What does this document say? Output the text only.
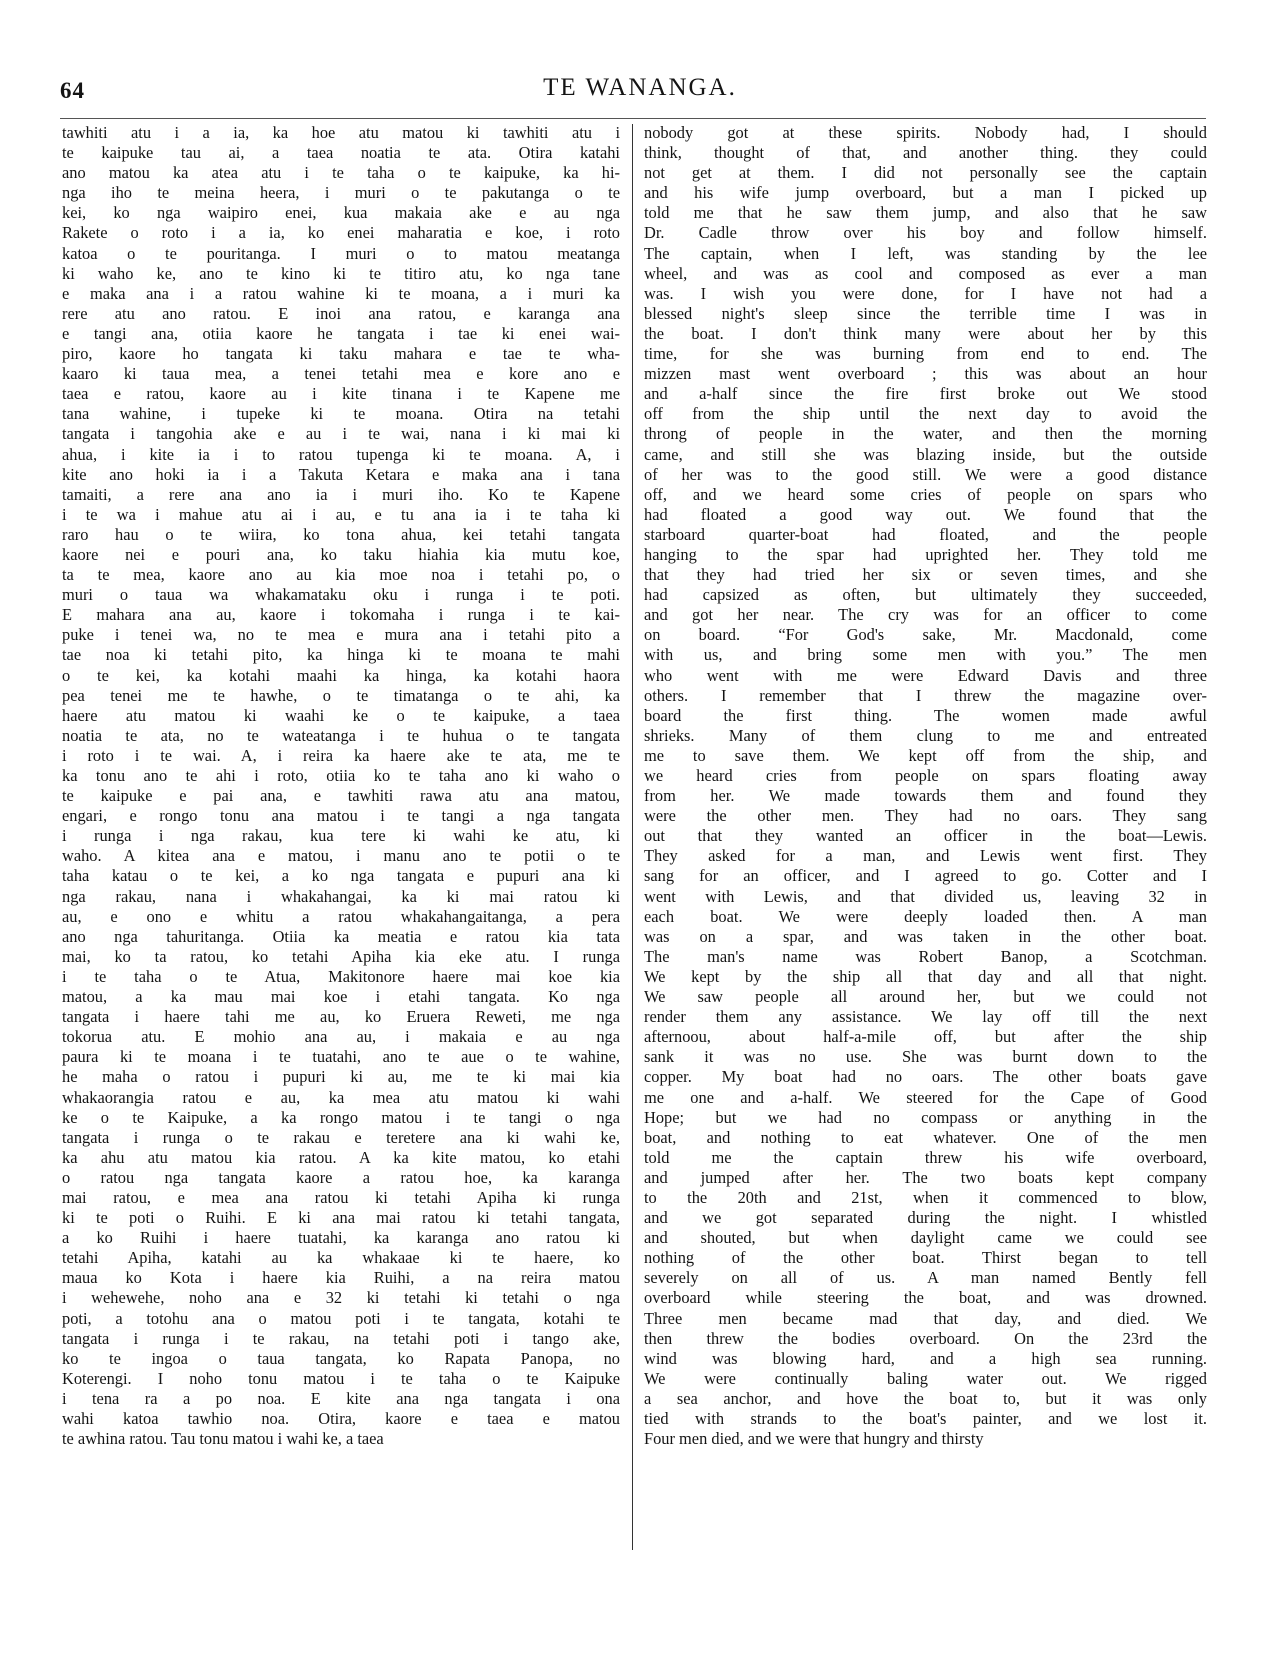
64	TE WANANGA.
tawhiti atu i a ia, ka hoe atu matou ki tawhiti atu i
te kaipuke tau ai, a taea noatia te ata. Otira katahi
ano matou ka atea atu i te taha o te kaipuke, ka hi-
nga iho te meina heera, i muri o te pakutanga o te
kei, ko nga waipiro enei, kua makaia ake e au nga
Rakete o roto i a ia, ko enei maharatia e koe, i roto
katoa o te pouritanga. I muri o to matou meatanga
ki waho ke, ano te kino ki te titiro atu, ko nga tane
e maka ana i a ratou wahine ki te moana, a i muri ka
rere atu ano ratou. E inoi ana ratou, e karanga ana
e tangi ana, otiia kaore he tangata i tae ki enei wai-
piro, kaore ho tangata ki taku mahara e tae te wha-
kaaro ki taua mea, a tenei tetahi mea e kore ano e
taea e ratou, kaore au i kite tinana i te Kapene me
tana wahine, i tupeke ki te moana. Otira na tetahi
tangata i tangohia ake e au i te wai, nana i ki mai ki
ahua, i kite ia i to ratou tupenga ki te moana. A, i
kite ano hoki ia i a Takuta Ketara e maka ana i tana
tamaiti, a rere ana ano ia i muri iho. Ko te Kapene
i te wa i mahue atu ai i au, e tu ana ia i te taha ki
raro hau o te wiira, ko tona ahua, kei tetahi tangata
kaore nei e pouri ana, ko taku hiahia kia mutu koe,
ta te mea, kaore ano au kia moe noa i tetahi po, o
muri o taua wa whakamataku oku i runga i te poti.
E mahara ana au, kaore i tokomaha i runga i te kai-
puke i tenei wa, no te mea e mura ana i tetahi pito a
tae noa ki tetahi pito, ka hinga ki te moana te mahi
o te kei, ka kotahi maahi ka hinga, ka kotahi haora
pea tenei me te hawhe, o te timatanga o te ahi, ka
haere atu matou ki waahi ke o te kaipuke, a taea
noatia te ata, no te wateatanga i te huhua o te tangata
i roto i te wai. A, i reira ka haere ake te ata, me te
ka tonu ano te ahi i roto, otiia ko te taha ano ki waho o
te kaipuke e pai ana, e tawhiti rawa atu ana matou,
engari, e rongo tonu ana matou i te tangi a nga tangata
i runga i nga rakau, kua tere ki wahi ke atu, ki
waho. A kitea ana e matou, i manu ano te potii o te
taha katau o te kei, a ko nga tangata e pupuri ana ki
nga rakau, nana i whakahangai, ka ki mai ratou ki
au, e ono e whitu a ratou whakahangaitanga, a pera
ano nga tahuritanga. Otiia ka meatia e ratou kia tata
mai, ko ta ratou, ko tetahi Apiha kia eke atu. I runga
i te taha o te Atua, Makitonore haere mai koe kia
matou, a ka mau mai koe i etahi tangata. Ko nga
tangata i haere tahi me au, ko Eruera Reweti, me nga
tokorua atu. E mohio ana au, i makaia e au nga
paura ki te moana i te tuatahi, ano te aue o te wahine,
he maha o ratou i pupuri ki au, me te ki mai kia
whakaorangia ratou e au, ka mea atu matou ki wahi
ke o te Kaipuke, a ka rongo matou i te tangi o nga
tangata i runga o te rakau e teretere ana ki wahi ke,
ka ahu atu matou kia ratou. A ka kite matou, ko etahi
o ratou nga tangata kaore a ratou hoe, ka karanga
mai ratou, e mea ana ratou ki tetahi Apiha ki runga
ki te poti o Ruihi. E ki ana mai ratou ki tetahi tangata,
a ko Ruihi i haere tuatahi, ka karanga ano ratou ki
tetahi Apiha, katahi au ka whakaae ki te haere, ko
maua ko Kota i haere kia Ruihi, a na reira matou
i wehewehe, noho ana e 32 ki tetahi ki tetahi o nga
poti, a totohu ana o matou poti i te tangata, kotahi te
tangata i runga i te rakau, na tetahi poti i tango ake,
ko te ingoa o taua tangata, ko Rapata Panopa, no
Koterengi. I noho tonu matou i te taha o te Kaipuke
i tena ra a po noa. E kite ana nga tangata i ona
wahi katoa tawhio noa. Otira, kaore e taea e matou
te awhina ratou. Tau tonu matou i wahi ke, a taea
nobody got at these spirits. Nobody had, I should
think, thought of that, and another thing. they could
not get at them. I did not personally see the captain
and his wife jump overboard, but a man I picked up
told me that he saw them jump, and also that he saw
Dr. Cadle throw over his boy and follow himself.
The captain, when I left, was standing by the lee
wheel, and was as cool and composed as ever a man
was. I wish you were done, for I have not had a
blessed night's sleep since the terrible time I was in
the boat. I don't think many were about her by this
time, for she was burning from end to end. The
mizzen mast went overboard ; this was about an hour
and a-half since the fire first broke out We stood
off from the ship until the next day to avoid the
throng of people in the water, and then the morning
came, and still she was blazing inside, but the outside
of her was to the good still. We were a good distance
off, and we heard some cries of people on spars who
had floated a good way out. We found that the
starboard quarter-boat had floated, and the people
hanging to the spar had uprighted her. They told me
that they had tried her six or seven times, and she
had capsized as often, but ultimately they succeeded,
and got her near. The cry was for an officer to come
on board. “For God's sake, Mr. Macdonald, come
with us, and bring some men with you.” The men
who went with me were Edward Davis and three
others. I remember that I threw the magazine over-
board the first thing. The women made awful
shrieks. Many of them clung to me and entreated
me to save them. We kept off from the ship, and
we heard cries from people on spars floating away
from her. We made towards them and found they
were the other men. They had no oars. They sang
out that they wanted an officer in the boat—Lewis.
They asked for a man, and Lewis went first. They
sang for an officer, and I agreed to go. Cotter and I
went with Lewis, and that divided us, leaving 32 in
each boat. We were deeply loaded then. A man
was on a spar, and was taken in the other boat.
The man's name was Robert Banop, a Scotchman.
We kept by the ship all that day and all that night.
We saw people all around her, but we could not
render them any assistance. We lay off till the next
afternoou, about half-a-mile off, but after the ship
sank it was no use. She was burnt down to the
copper. My boat had no oars. The other boats gave
me one and a-half. We steered for the Cape of Good
Hope; but we had no compass or anything in the
boat, and nothing to eat whatever. One of the men
told me the captain threw his wife overboard,
and jumped after her. The two boats kept company
to the 20th and 21st, when it commenced to blow,
and we got separated during the night. I whistled
and shouted, but when daylight came we could see
nothing of the other boat. Thirst began to tell
severely on all of us. A man named Bently fell
overboard while steering the boat, and was drowned.
Three men became mad that day, and died. We
then threw the bodies overboard. On the 23rd the
wind was blowing hard, and a high sea running.
We were continually baling water out. We rigged
a sea anchor, and hove the boat to, but it was only
tied with strands to the boat's painter, and we lost it.
Four men died, and we were that hungry and thirsty
